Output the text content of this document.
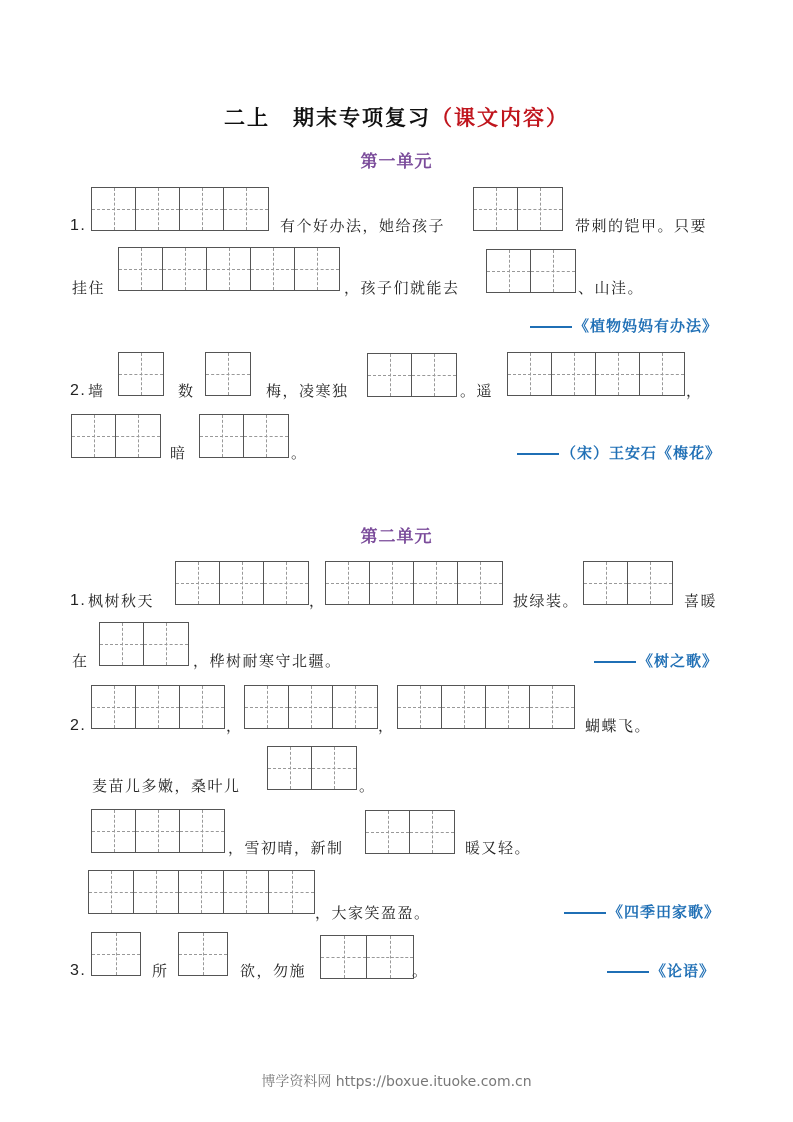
二上　期末专项复习（课文内容）
第一单元
1.	有个好办法，她给孩子	带刺的铠甲。只要
挂住	，孩子们就能去	、山洼。
《植物妈妈有办法》
2. 墙	数	梅，凌寒独	。遥	，
暗	。	（宋）王安石《梅花》
第二单元
1. 枫树秋天	，	披绿装。	喜暖
在	，桦树耐寒守北疆。	《树之歌》
2.	，	，	蝴蝶飞。
麦苗儿多嫩，桑叶儿	。
，雪初晴，新制	暖又轻。
，大家笑盈盈。	《四季田家歌》
3.	所	欲，勿施	。	《论语》
博学资料网 https://boxue.ituoke.com.cn
